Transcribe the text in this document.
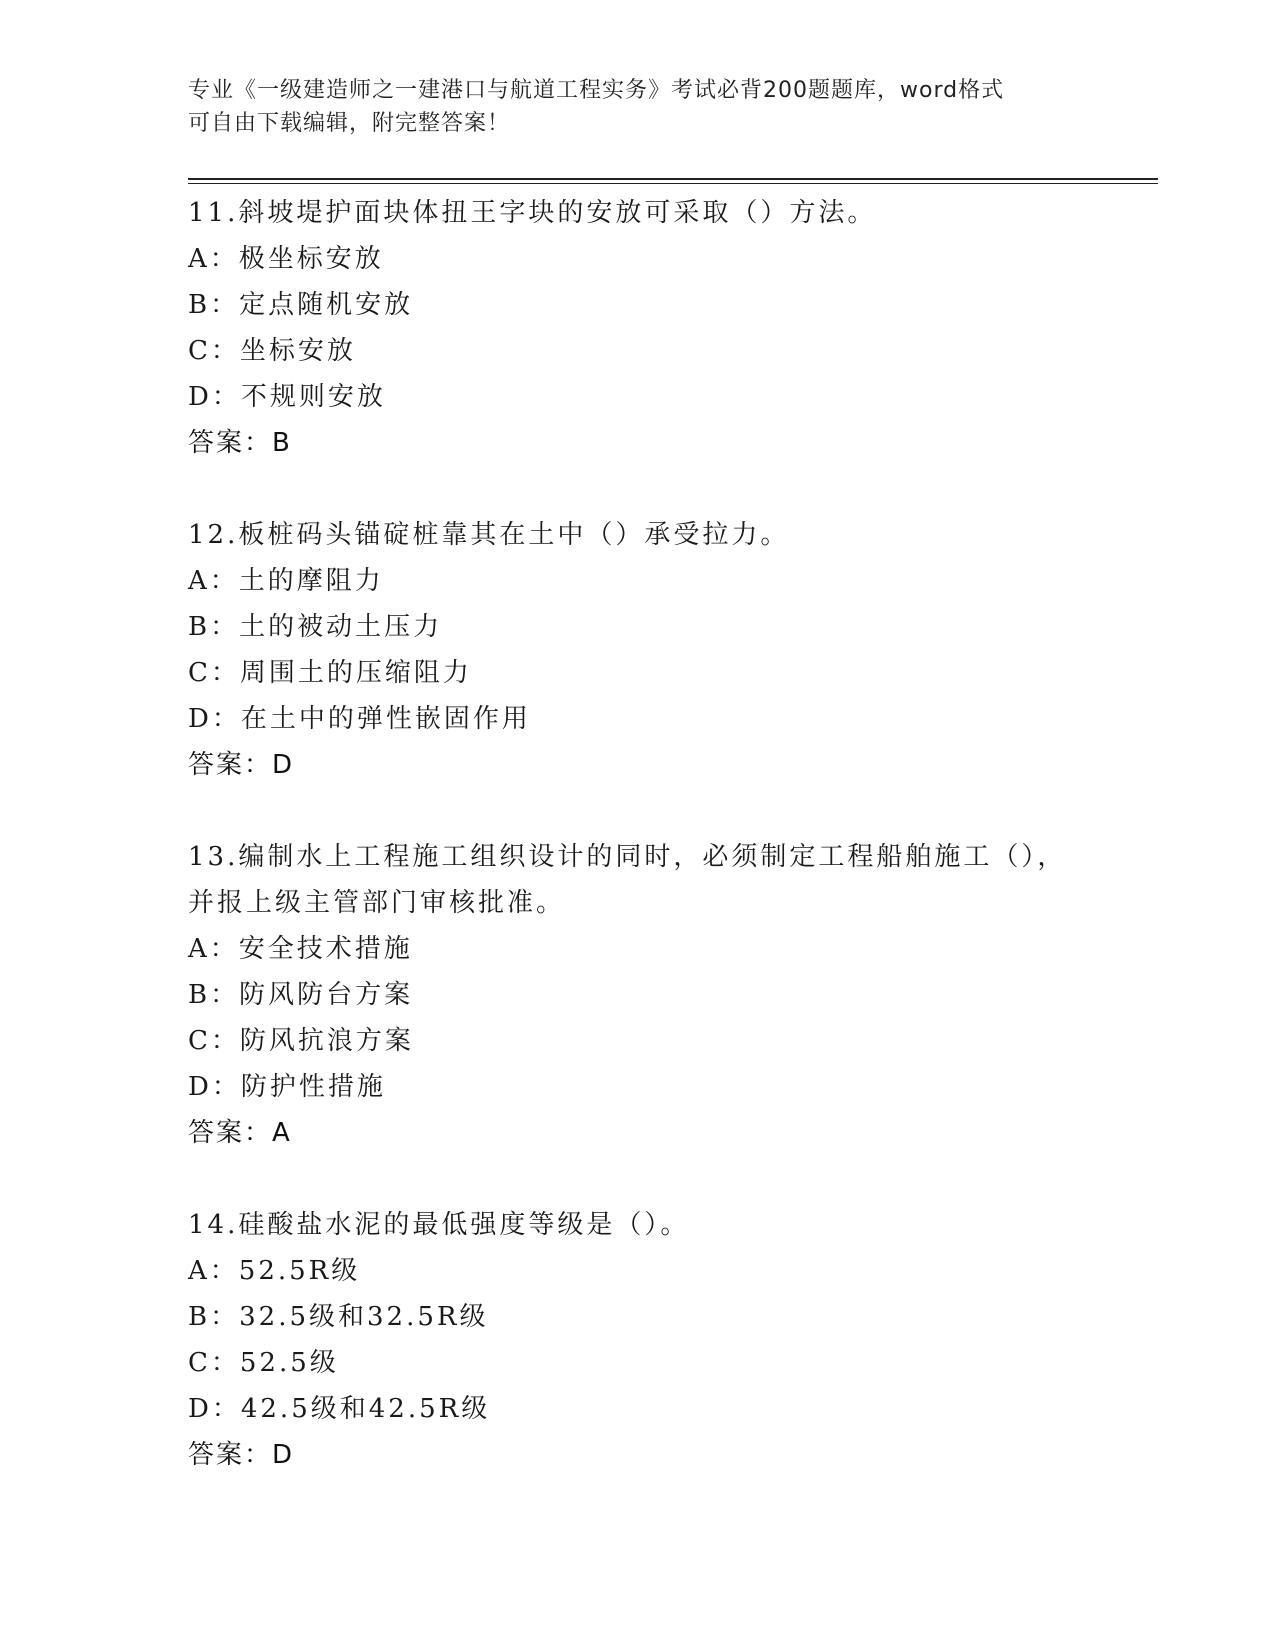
专业《一级建造师之一建港口与航道工程实务》考试必背200题题库，word格式
可自由下载编辑，附完整答案！

11.斜坡堤护面块体扭王字块的安放可采取（）方法。

A：极坐标安放

B：定点随机安放

C：坐标安放

D：不规则安放

答案：B

12.板桩码头锚碇桩靠其在土中（）承受拉力。

A：土的摩阻力

B：土的被动土压力

C：周围土的压缩阻力

D：在土中的弹性嵌固作用

答案：D

13.编制水上工程施工组织设计的同时，必须制定工程船舶施工（），

并报上级主管部门审核批准。

A：安全技术措施

B：防风防台方案

C：防风抗浪方案

D：防护性措施

答案：A

14.硅酸盐水泥的最低强度等级是（）。

A：52.5R级

B：32.5级和32.5R级

C：52.5级

D：42.5级和42.5R级

答案：D
